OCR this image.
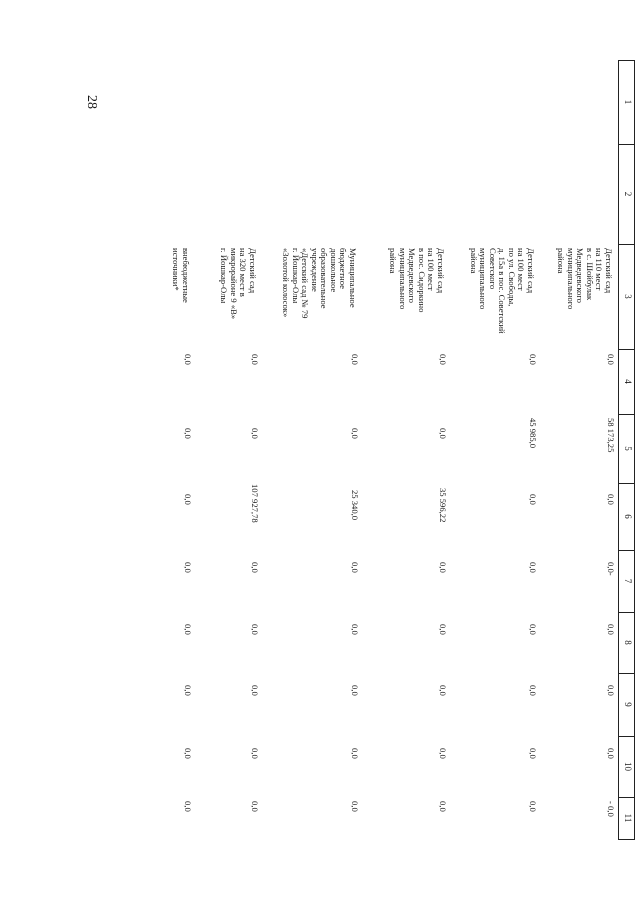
28	1
2
3
4
5
6
7
8
9
10
11
Детский сад
на 110 мест
в с. Шойбулак
Медведевского
муниципального
района
0,0
58 173,25
0,0
0,0-
0,0
0,0
0,0
- 0,0
Детский сад
на 100 мест
по ул. Свободы,
д. 15а в пос. Советский
Советского
муниципального
района
0,0
45 985,0
0,0
0,0
0,0
0,0
0,0
0,0
Детский сад
на 100 мест
в пос. Сидоркино
Медведевского
муниципального
района
0,0
0,0
35 596,22
0,0
0,0
0,0
0,0
0,0
Муниципальное
бюджетное
дошкольное
образовательное
учреждение
«Детский сад № 79
г. Йошкар-Олы
«Золотой колосок»
0,0
0,0
25 340,0
0,0
0,0
0,0
0,0
0,0
Детский сад
на 320 мест в
микрорайоне 9 «В»
г. Йошкар-Олы
0,0
0,0
107 927,78
0,0
0,0
0,0
0,0
0,0
внебюджетные
источники*
0,0
0,0
0,0
0,0
0,0
0,0
0,0
0,0
